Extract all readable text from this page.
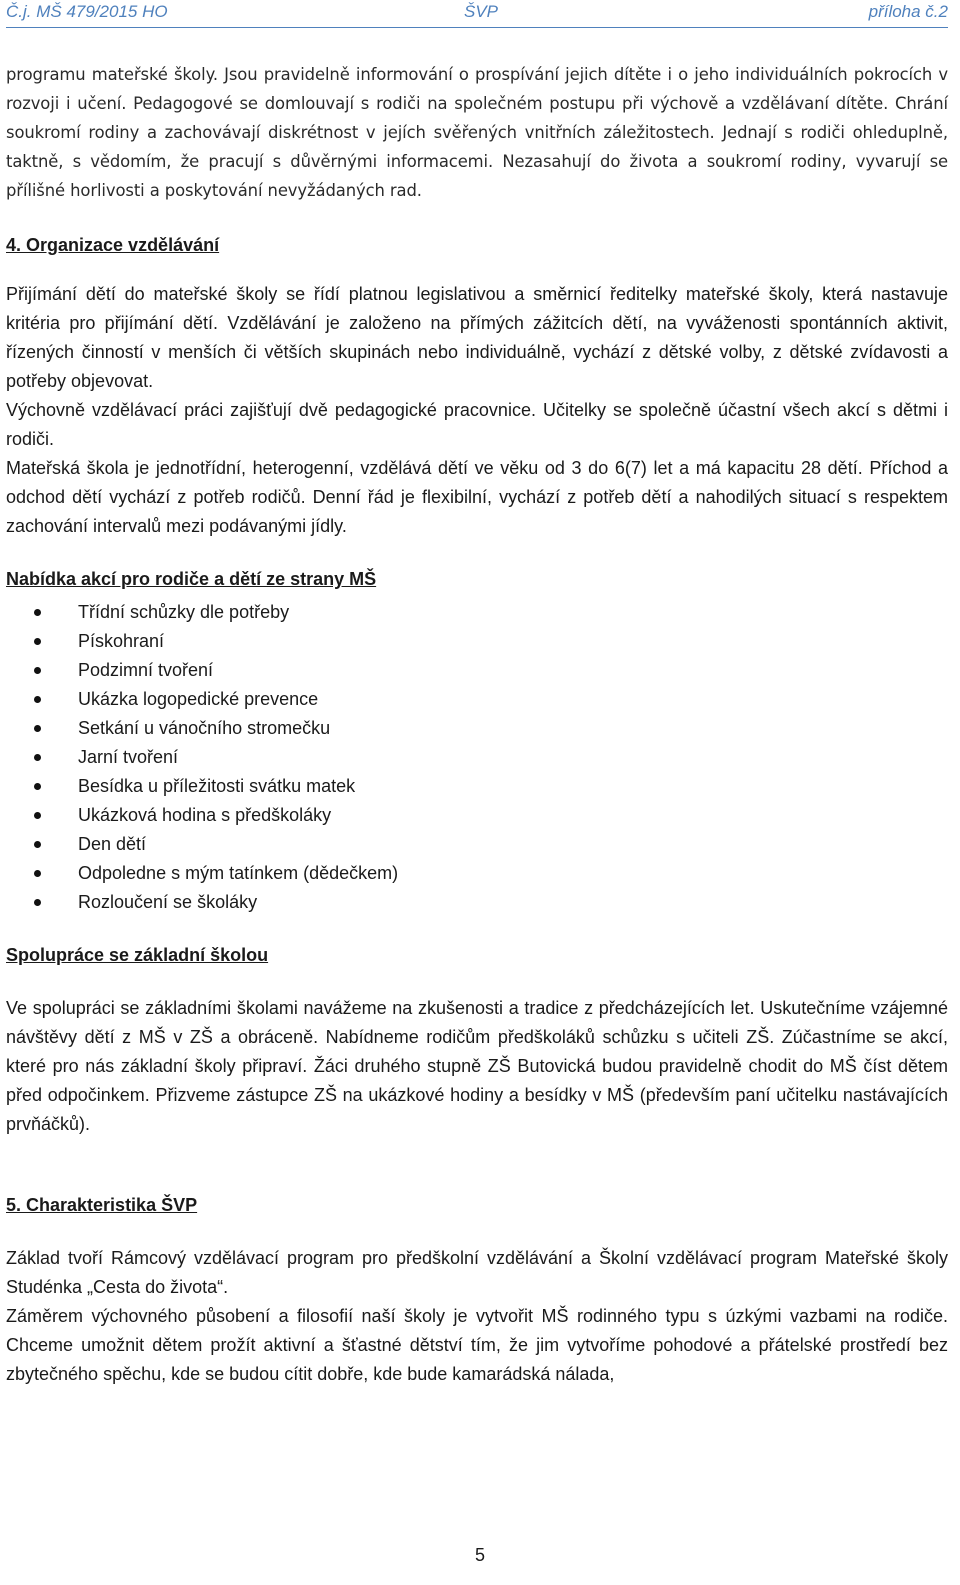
Č.j. MŠ 479/2015 HO	ŠVP	příloha č.2

programu mateřské školy. Jsou pravidelně informování o prospívání jejich dítěte i o jeho individuálních pokrocích v rozvoji i učení. Pedagogové se domlouvají s rodiči na společném postupu při výchově a vzdělávaní dítěte. Chrání soukromí rodiny a zachovávají diskrétnost v jejích svěřených vnitřních záležitostech. Jednají s rodiči ohleduplně, taktně, s vědomím, že pracují s důvěrnými informacemi. Nezasahují do života a soukromí rodiny, vyvarují se přílišné horlivosti a poskytování nevyžádaných rad.

4. Organizace vzdělávání

Přijímání dětí do mateřské školy se řídí platnou legislativou a směrnicí ředitelky mateřské školy, která nastavuje kritéria pro přijímání dětí. Vzdělávání je založeno na přímých zážitcích dětí, na vyváženosti spontánních aktivit, řízených činností v menších či větších skupinách nebo individuálně, vychází z dětské volby, z dětské zvídavosti a potřeby objevovat.

Výchovně vzdělávací práci zajišťují dvě pedagogické pracovnice. Učitelky se společně účastní všech akcí s dětmi i rodiči.

Mateřská škola je jednotřídní, heterogenní, vzdělává dětí ve věku od 3 do 6(7) let a má kapacitu 28 dětí. Příchod a odchod dětí vychází z potřeb rodičů. Denní řád je flexibilní, vychází z potřeb dětí a nahodilých situací s respektem zachování intervalů mezi podávanými jídly.

Nabídka akcí pro rodiče a dětí ze strany MŠ
Třídní schůzky dle potřeby
Pískohraní
Podzimní tvoření
Ukázka logopedické prevence
Setkání u vánočního stromečku
Jarní tvoření
Besídka u příležitosti svátku matek
Ukázková hodina s předškoláky
Den dětí
Odpoledne s mým tatínkem (dědečkem)
Rozloučení se školáky
Spolupráce se základní školou

Ve spolupráci se základními školami navážeme na zkušenosti a tradice z předcházejících let. Uskutečníme vzájemné návštěvy dětí z MŠ v ZŠ a obráceně. Nabídneme rodičům předškoláků schůzku s učiteli ZŠ. Zúčastníme se akcí, které pro nás základní školy připraví. Žáci druhého stupně ZŠ Butovická budou pravidelně chodit do MŠ číst dětem před odpočinkem. Přizveme zástupce ZŠ na ukázkové hodiny a besídky v MŠ (především paní učitelku nastávajících prvňáčků).

5. Charakteristika ŠVP

Základ tvoří Rámcový vzdělávací program pro předškolní vzdělávání a Školní vzdělávací program Mateřské školy Studénka „Cesta do života“.

Záměrem výchovného působení a filosofií naší školy je vytvořit MŠ rodinného typu s úzkými vazbami na rodiče. Chceme umožnit dětem prožít aktivní a šťastné dětství tím, že jim vytvoříme pohodové a přátelské prostředí bez zbytečného spěchu, kde se budou cítit dobře, kde bude kamarádská nálada,

5
